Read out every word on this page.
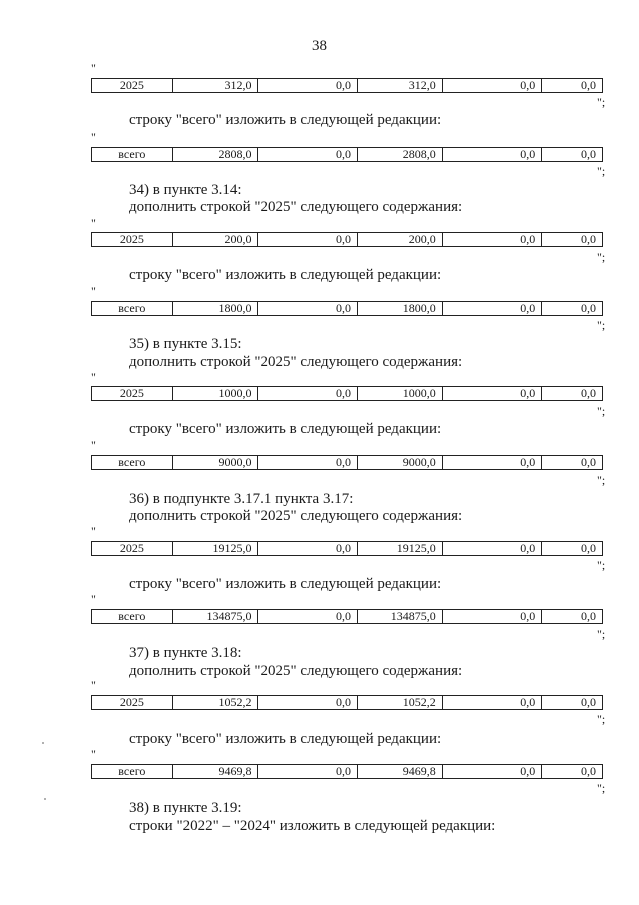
38
"
2025	312,0	0,0	312,0	0,0	0,0
";
строку "всего" изложить в следующей редакции:
"
всего	2808,0	0,0	2808,0	0,0	0,0
";
34) в пункте 3.14:
дополнить строкой "2025" следующего содержания:
"
2025	200,0	0,0	200,0	0,0	0,0
";
строку "всего" изложить в следующей редакции:
"
всего	1800,0	0,0	1800,0	0,0	0,0
";
35) в пункте 3.15:
дополнить строкой "2025" следующего содержания:
"
2025	1000,0	0,0	1000,0	0,0	0,0
";
строку "всего" изложить в следующей редакции:
"
всего	9000,0	0,0	9000,0	0,0	0,0
";
36) в подпункте 3.17.1 пункта 3.17:
дополнить строкой "2025" следующего содержания:
"
2025	19125,0	0,0	19125,0	0,0	0,0
";
строку "всего" изложить в следующей редакции:
"
всего	134875,0	0,0	134875,0	0,0	0,0
";
37) в пункте 3.18:
дополнить строкой "2025" следующего содержания:
"
2025	1052,2	0,0	1052,2	0,0	0,0
";
строку "всего" изложить в следующей редакции:
"
всего	9469,8	0,0	9469,8	0,0	0,0
";
38) в пункте 3.19:
строки "2022" – "2024" изложить в следующей редакции:
